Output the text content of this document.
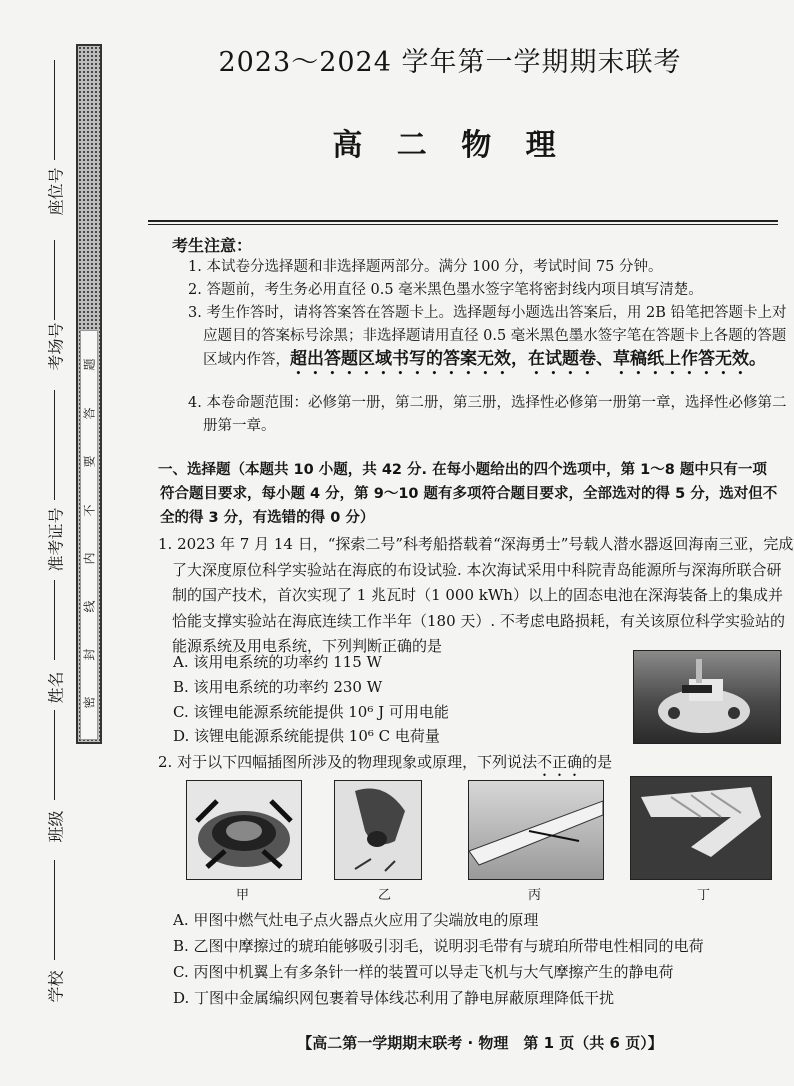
题
答
要
不
内
线
封
密
座位号
考场号
准考证号
姓名
班级
学校
2023～2024 学年第一学期期末联考
高 二 物 理
考生注意：
1. 本试卷分选择题和非选择题两部分。满分 100 分，考试时间 75 分钟。
2. 答题前，考生务必用直径 0.5 毫米黑色墨水签字笔将密封线内项目填写清楚。
3. 考生作答时，请将答案答在答题卡上。选择题每小题选出答案后，用 2B 铅笔把答题卡上对应题目的答案标号涂黑；非选择题请用直径 0.5 毫米黑色墨水签字笔在答题卡上各题的答题区域内作答，超出答题区域书写的答案无效，在试题卷、草稿纸上作答无效。
4. 本卷命题范围：必修第一册，第二册，第三册，选择性必修第一册第一章，选择性必修第二册第一章。
一、选择题（本题共 10 小题，共 42 分. 在每小题给出的四个选项中，第 1～8 题中只有一项符合题目要求，每小题 4 分，第 9～10 题有多项符合题目要求，全部选对的得 5 分，选对但不全的得 3 分，有选错的得 0 分）
1. 2023 年 7 月 14 日，“探索二号”科考船搭载着“深海勇士”号载人潜水器返回海南三亚，完成了大深度原位科学实验站在海底的布设试验. 本次海试采用中科院青岛能源所与深海所联合研制的国产技术，首次实现了 1 兆瓦时（1 000 kWh）以上的固态电池在深海装备上的集成并恰能支撑实验站在海底连续工作半年（180 天）. 不考虑电路损耗，有关该原位科学实验站的能源系统及用电系统，下列判断正确的是
A. 该用电系统的功率约 115 W
B. 该用电系统的功率约 230 W
C. 该锂电能源系统能提供 10⁶ J 可用电能
D. 该锂电能源系统能提供 10⁶ C 电荷量
2. 对于以下四幅插图所涉及的物理现象或原理，下列说法不正确的是
甲	乙	丙	丁
A. 甲图中燃气灶电子点火器点火应用了尖端放电的原理
B. 乙图中摩擦过的琥珀能够吸引羽毛，说明羽毛带有与琥珀所带电性相同的电荷
C. 丙图中机翼上有多条针一样的装置可以导走飞机与大气摩擦产生的静电荷
D. 丁图中金属编织网包裹着导体线芯利用了静电屏蔽原理降低干扰
【高二第一学期期末联考 · 物理　第 1 页（共 6 页）】
